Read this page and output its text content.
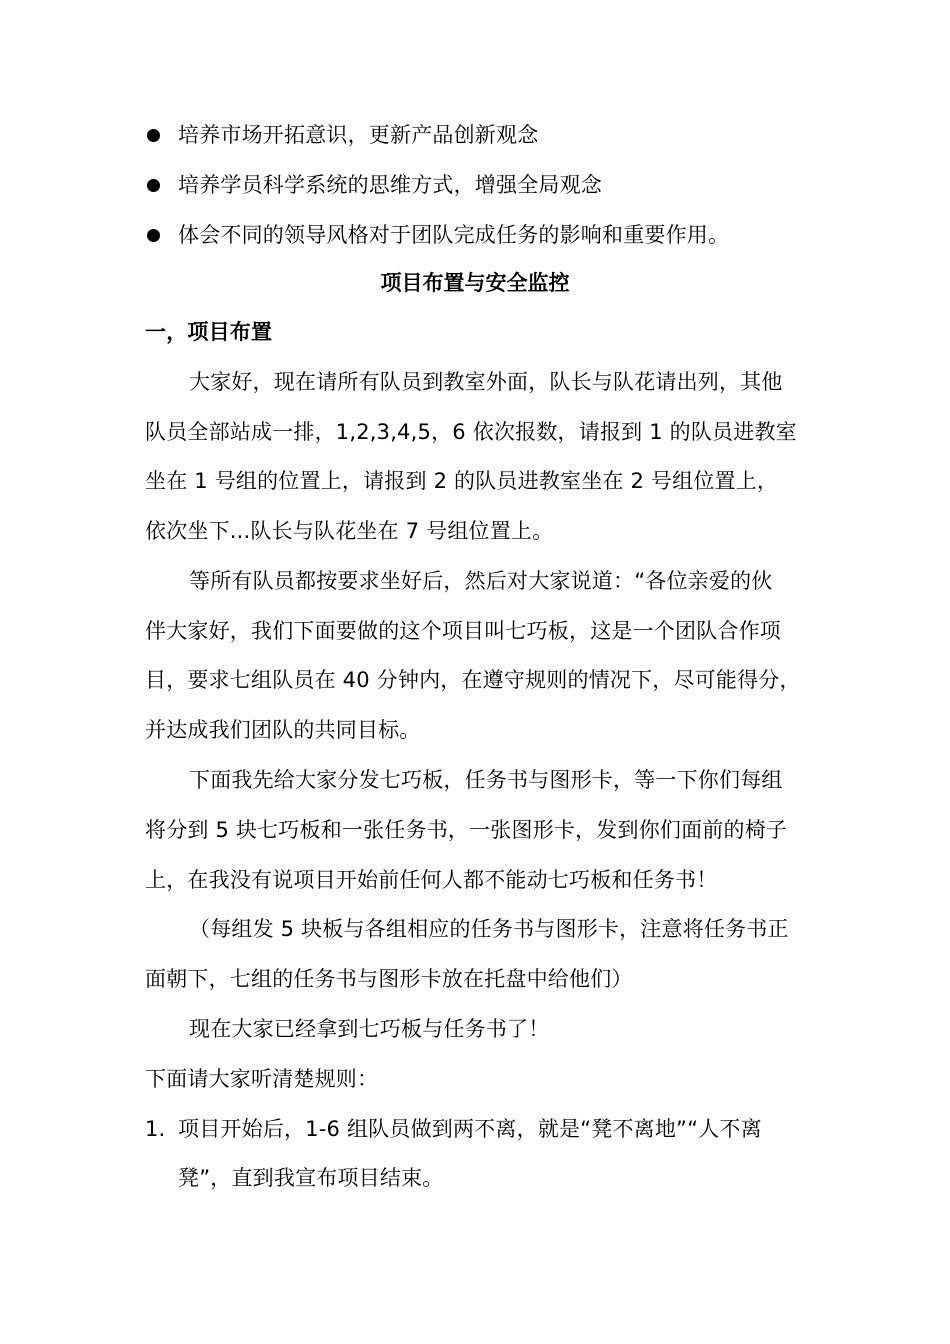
培养市场开拓意识，更新产品创新观念
培养学员科学系统的思维方式，增强全局观念
体会不同的领导风格对于团队完成任务的影响和重要作用。
项目布置与安全监控
一，项目布置
大家好，现在请所有队员到教室外面，队长与队花请出列，其他
队员全部站成一排，1,2,3,4,5，6 依次报数，请报到 1 的队员进教室
坐在 1 号组的位置上，请报到 2 的队员进教室坐在 2 号组位置上，
依次坐下...队长与队花坐在 7 号组位置上。
等所有队员都按要求坐好后，然后对大家说道：“各位亲爱的伙
伴大家好，我们下面要做的这个项目叫七巧板，这是一个团队合作项
目，要求七组队员在 40 分钟内，在遵守规则的情况下，尽可能得分，
并达成我们团队的共同目标。
下面我先给大家分发七巧板，任务书与图形卡，等一下你们每组
将分到 5 块七巧板和一张任务书，一张图形卡，发到你们面前的椅子
上，在我没有说项目开始前任何人都不能动七巧板和任务书！
（每组发 5 块板与各组相应的任务书与图形卡，注意将任务书正
面朝下，七组的任务书与图形卡放在托盘中给他们）
现在大家已经拿到七巧板与任务书了！
下面请大家听清楚规则：
1. 项目开始后，1-6 组队员做到两不离，就是“凳不离地”“人不离
凳”，直到我宣布项目结束。
